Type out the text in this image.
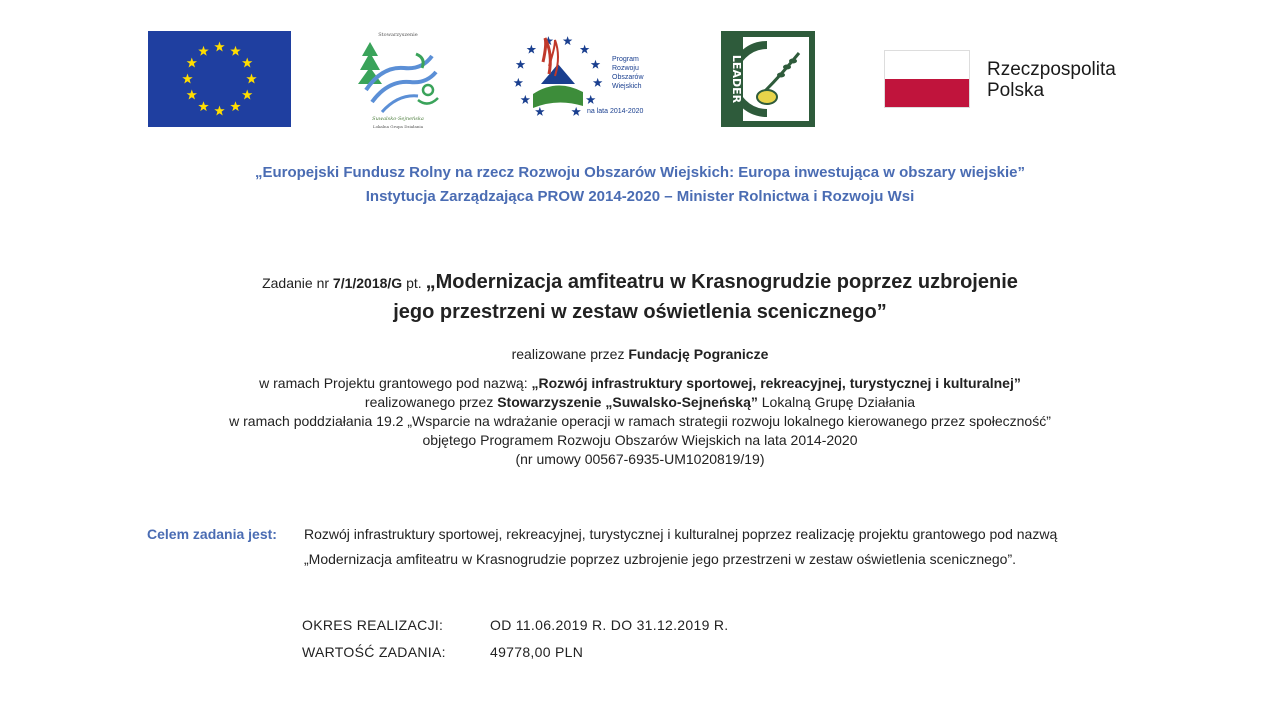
Stowarzyszenie
Suwalsko-Sejneńska
Lokalna Grupa Działania
Program
Rozwoju
Obszarów
Wiejskich
na lata 2014-2020
LEADER	Rzeczpospolita
Polska
„Europejski Fundusz Rolny na rzecz Rozwoju Obszarów Wiejskich: Europa inwestująca w obszary wiejskie”
Instytucja Zarządzająca PROW 2014-2020 – Minister Rolnictwa i Rozwoju Wsi
Zadanie nr 7/1/2018/G pt. „Modernizacja amfiteatru w Krasnogrudzie poprzez uzbrojenie
jego przestrzeni w zestaw oświetlenia scenicznego”
realizowane przez Fundację Pogranicze
w ramach Projektu grantowego pod nazwą: „Rozwój infrastruktury sportowej, rekreacyjnej, turystycznej i kulturalnej”
realizowanego przez Stowarzyszenie „Suwalsko-Sejneńską” Lokalną Grupę Działania
w ramach poddziałania 19.2 „Wsparcie na wdrażanie operacji w ramach strategii rozwoju lokalnego kierowanego przez społeczność”
objętego Programem Rozwoju Obszarów Wiejskich na lata 2014-2020
(nr umowy 00567-6935-UM1020819/19)
Celem zadania jest: Rozwój infrastruktury sportowej, rekreacyjnej, turystycznej i kulturalnej poprzez realizację projektu grantowego pod nazwą
„Modernizacja amfiteatru w Krasnogrudzie poprzez uzbrojenie jego przestrzeni w zestaw oświetlenia scenicznego”.
OKRES REALIZACJI:	OD 11.06.2019 R. DO 31.12.2019 R.
WARTOŚĆ ZADANIA:	49778,00 PLN
